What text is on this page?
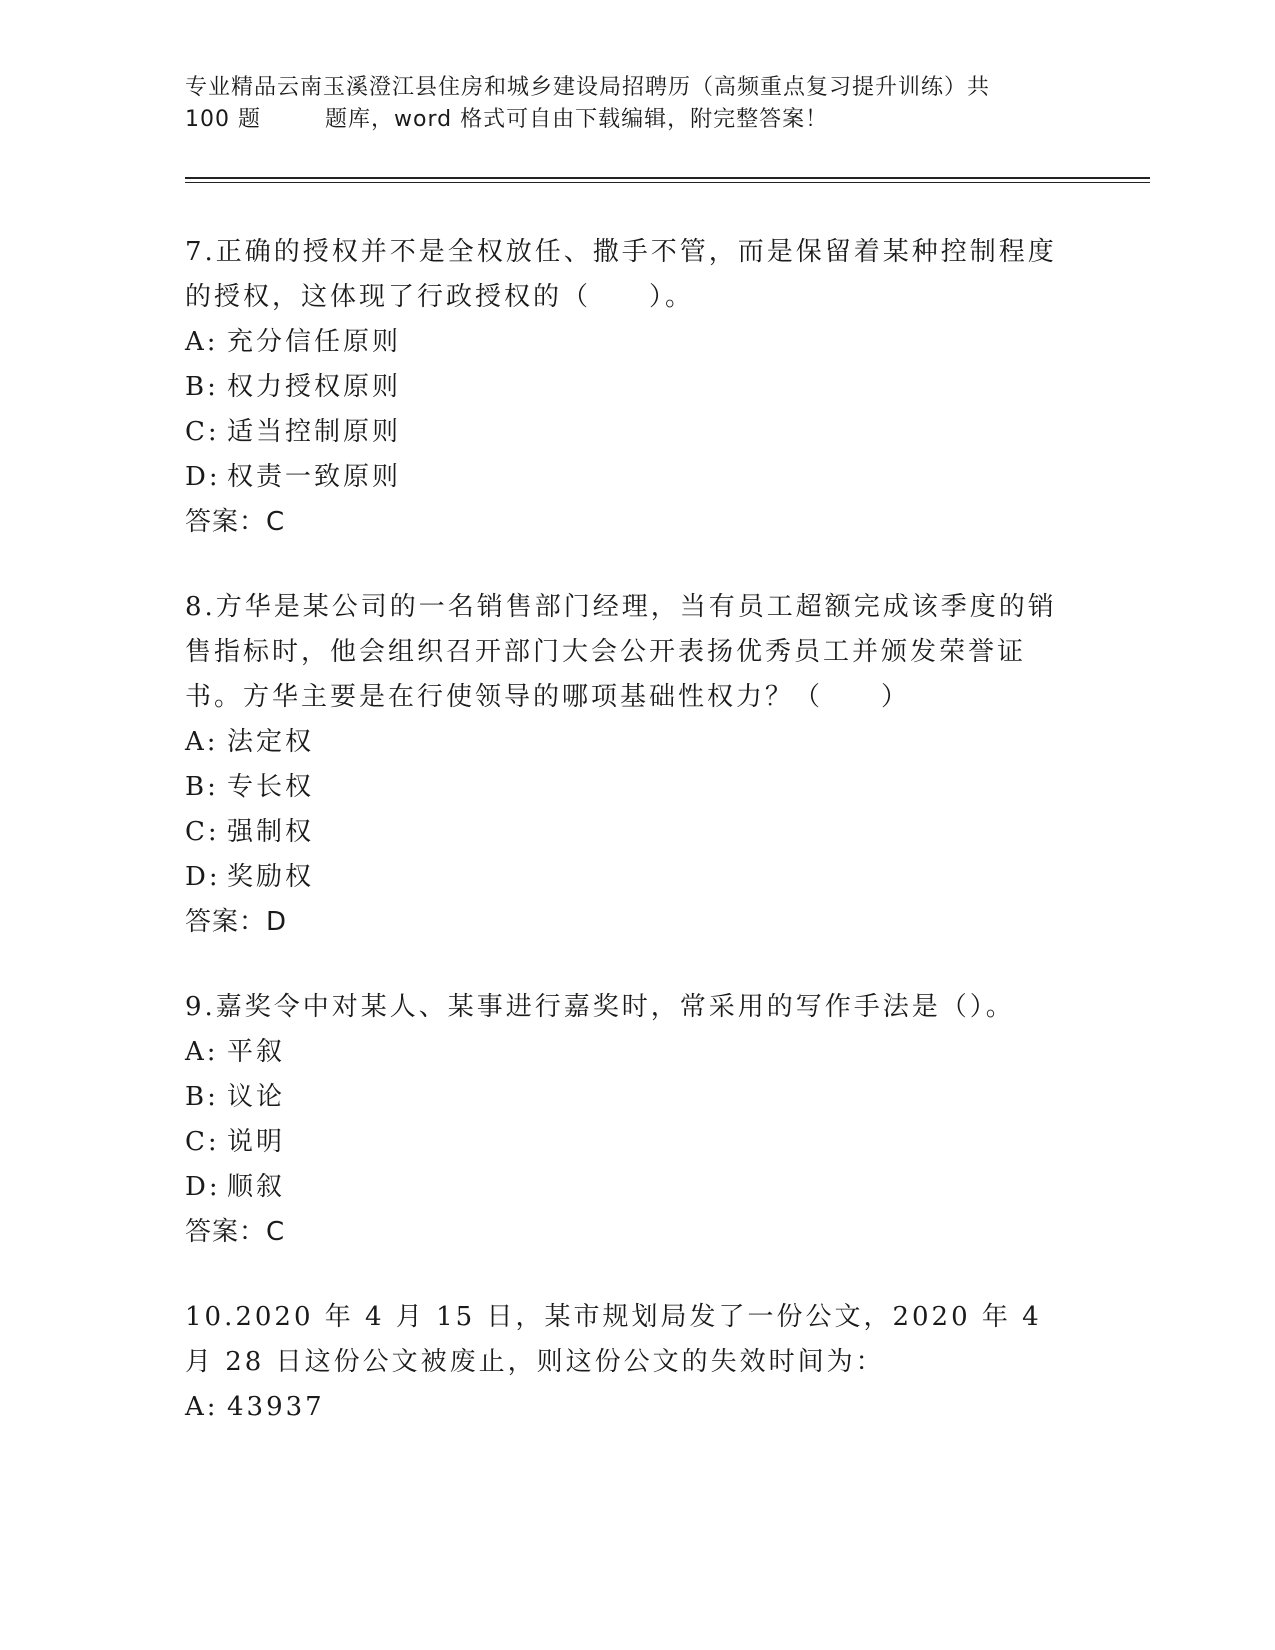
专业精品云南玉溪澄江县住房和城乡建设局招聘历（高频重点复习提升训练）共
100 题	题库，word 格式可自由下载编辑，附完整答案！

7.正确的授权并不是全权放任、撒手不管，而是保留着某种控制程度的授权，这体现了行政授权的（　　）。

A: 充分信任原则

B: 权力授权原则

C: 适当控制原则

D: 权责一致原则

答案：C

8.方华是某公司的一名销售部门经理，当有员工超额完成该季度的销售指标时，他会组织召开部门大会公开表扬优秀员工并颁发荣誉证书。方华主要是在行使领导的哪项基础性权力？（　　）

A: 法定权

B: 专长权

C: 强制权

D: 奖励权

答案：D

9.嘉奖令中对某人、某事进行嘉奖时，常采用的写作手法是（）。

A: 平叙

B: 议论

C: 说明

D: 顺叙

答案：C

10.2020 年 4 月 15 日，某市规划局发了一份公文，2020 年 4 月 28 日这份公文被废止，则这份公文的失效时间为：

A: 43937
